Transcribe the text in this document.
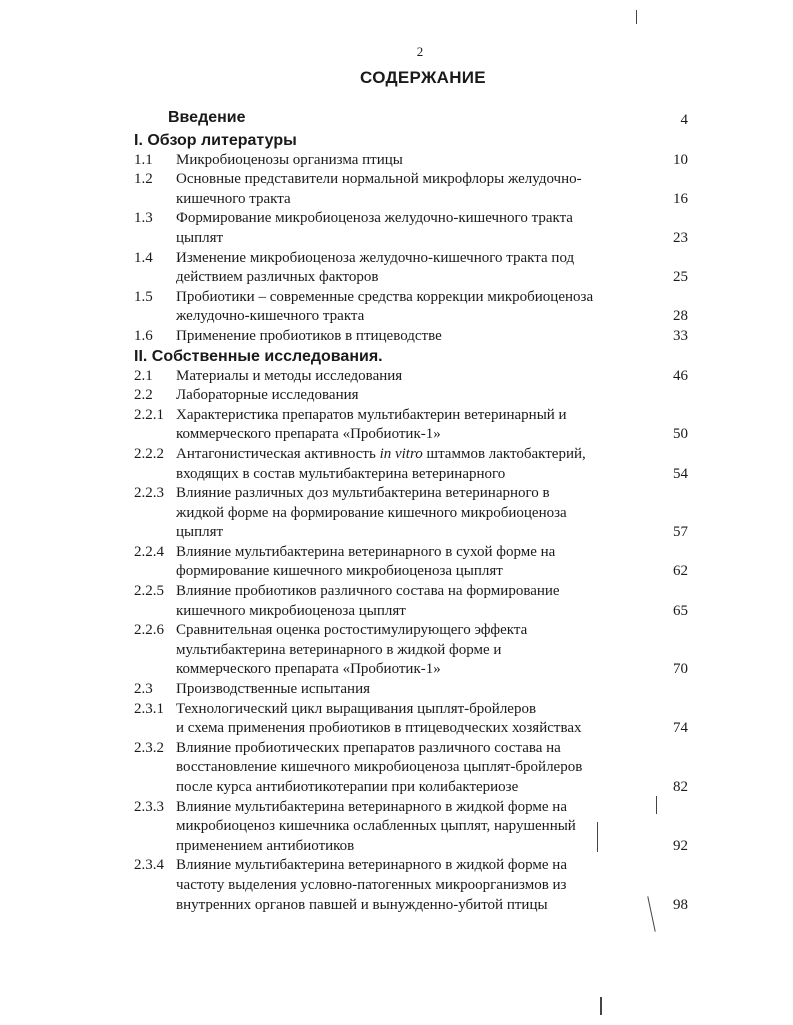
2
СОДЕРЖАНИЕ
Введение	4
I. Обзор литературы
1.1 Микробиоценозы организма птицы	10
1.2 Основные представители нормальной микрофлоры желудочно-
кишечного тракта	16
1.3 Формирование микробиоценоза желудочно-кишечного тракта
цыплят	23
1.4 Изменение микробиоценоза желудочно-кишечного тракта под
действием различных факторов	25
1.5 Пробиотики – современные средства коррекции микробиоценоза
желудочно-кишечного тракта	28
1.6 Применение пробиотиков в птицеводстве	33
II. Собственные исследования.
2.1 Материалы и методы исследования	46
2.2 Лабораторные исследования
2.2.1 Характеристика препаратов мультибактерин ветеринарный и
коммерческого препарата «Пробиотик-1»	50
2.2.2 Антагонистическая активность in vitro штаммов лактобактерий,
входящих в состав мультибактерина ветеринарного	54
2.2.3 Влияние различных доз мультибактерина ветеринарного в
жидкой форме на формирование кишечного микробиоценоза
цыплят	57
2.2.4 Влияние мультибактерина ветеринарного в сухой форме на
формирование кишечного микробиоценоза цыплят	62
2.2.5 Влияние пробиотиков различного состава на формирование
кишечного микробиоценоза цыплят	65
2.2.6 Сравнительная оценка ростостимулирующего эффекта
мультибактерина ветеринарного в жидкой форме и
коммерческого препарата «Пробиотик-1»	70
2.3 Производственные испытания
2.3.1 Технологический цикл выращивания цыплят-бройлеров
и схема применения пробиотиков в птицеводческих хозяйствах	74
2.3.2 Влияние пробиотических препаратов различного состава на
восстановление кишечного микробиоценоза цыплят-бройлеров
после курса антибиотикотерапии при колибактериозе	82
2.3.3 Влияние мультибактерина ветеринарного в жидкой форме на
микробиоценоз кишечника ослабленных цыплят, нарушенный
применением антибиотиков	92
2.3.4 Влияние мультибактерина ветеринарного в жидкой форме на
частоту выделения условно-патогенных микроорганизмов из
внутренних органов павшей и вынужденно-убитой птицы	98
